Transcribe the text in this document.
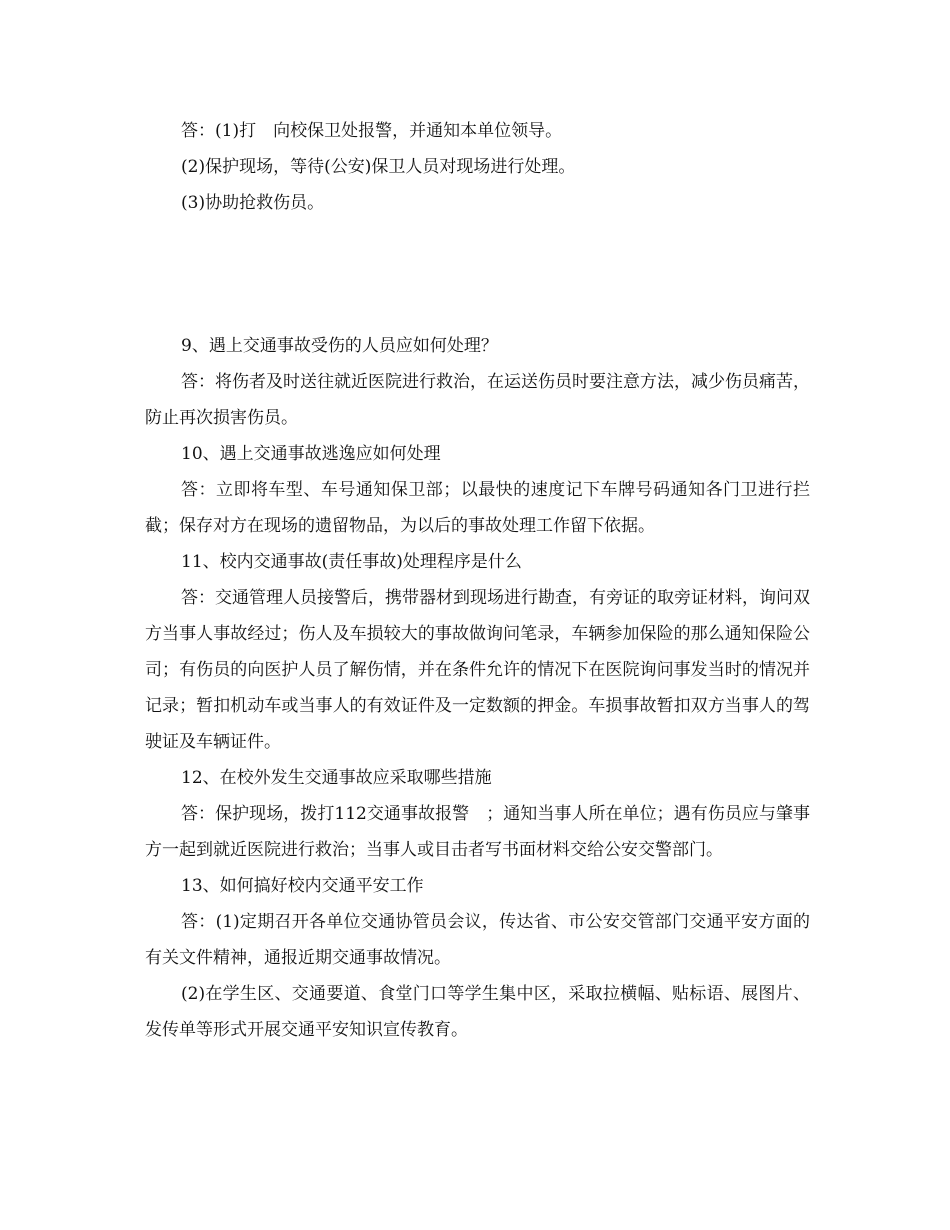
答：(1)打　向校保卫处报警，并通知本单位领导。

(2)保护现场，等待(公安)保卫人员对现场进行处理。

(3)协助抢救伤员。

9、遇上交通事故受伤的人员应如何处理？

答：将伤者及时送往就近医院进行救治，在运送伤员时要注意方法，减少伤员痛苦，防止再次损害伤员。

10、遇上交通事故逃逸应如何处理

答：立即将车型、车号通知保卫部；以最快的速度记下车牌号码通知各门卫进行拦截；保存对方在现场的遗留物品，为以后的事故处理工作留下依据。

11、校内交通事故(责任事故)处理程序是什么

答：交通管理人员接警后，携带器材到现场进行勘查，有旁证的取旁证材料，询问双方当事人事故经过；伤人及车损较大的事故做询问笔录，车辆参加保险的那么通知保险公司；有伤员的向医护人员了解伤情，并在条件允许的情况下在医院询问事发当时的情况并记录；暂扣机动车或当事人的有效证件及一定数额的押金。车损事故暂扣双方当事人的驾驶证及车辆证件。

12、在校外发生交通事故应采取哪些措施

答：保护现场，拨打112交通事故报警　；通知当事人所在单位；遇有伤员应与肇事方一起到就近医院进行救治；当事人或目击者写书面材料交给公安交警部门。

13、如何搞好校内交通平安工作

答：(1)定期召开各单位交通协管员会议，传达省、市公安交管部门交通平安方面的有关文件精神，通报近期交通事故情况。

(2)在学生区、交通要道、食堂门口等学生集中区，采取拉横幅、贴标语、展图片、发传单等形式开展交通平安知识宣传教育。
